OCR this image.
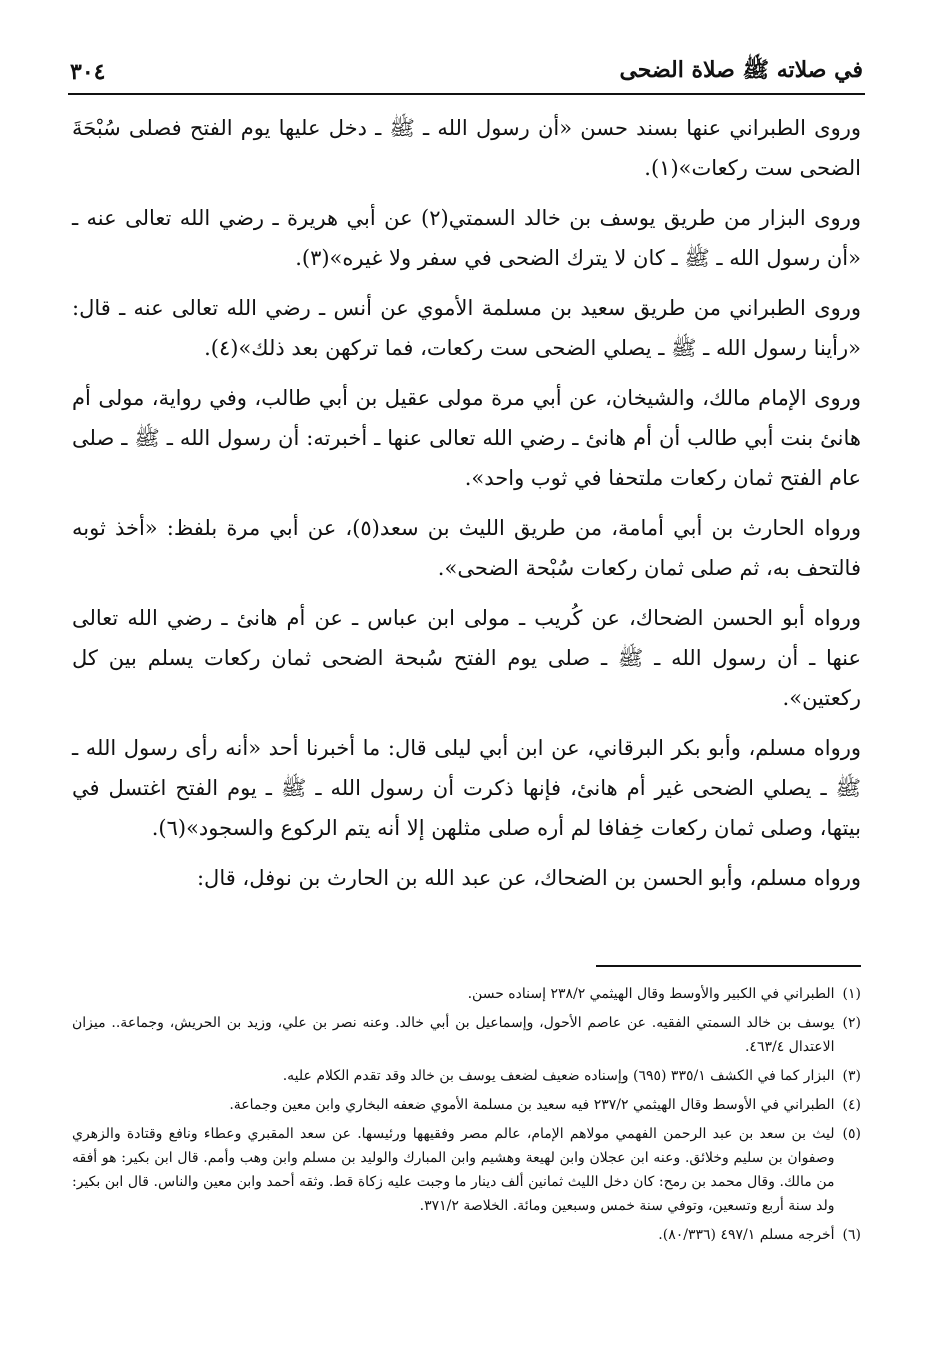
في صلاته ﷺ صلاة الضحى
٣٠٤

وروى الطبراني عنها بسند حسن «أن رسول الله ـ ﷺ ـ دخل عليها يوم الفتح فصلى سُبْحَةَ الضحى ست ركعات»(١).

وروى البزار من طريق يوسف بن خالد السمتي(٢) عن أبي هريرة ـ رضي الله تعالى عنه ـ «أن رسول الله ـ ﷺ ـ كان لا يترك الضحى في سفر ولا غيره»(٣).

وروى الطبراني من طريق سعيد بن مسلمة الأموي عن أنس ـ رضي الله تعالى عنه ـ قال: «رأينا رسول الله ـ ﷺ ـ يصلي الضحى ست ركعات، فما تركهن بعد ذلك»(٤).

وروى الإمام مالك، والشيخان، عن أبي مرة مولى عقيل بن أبي طالب، وفي رواية، مولى أم هانئ بنت أبي طالب أن أم هانئ ـ رضي الله تعالى عنها ـ أخبرته: أن رسول الله ـ ﷺ ـ صلى عام الفتح ثمان ركعات ملتحفا في ثوب واحد».

ورواه الحارث بن أبي أمامة، من طريق الليث بن سعد(٥)، عن أبي مرة بلفظ: «أخذ ثوبه فالتحف به، ثم صلى ثمان ركعات سُبْحة الضحى».

ورواه أبو الحسن الضحاك، عن كُريب ـ مولى ابن عباس ـ عن أم هانئ ـ رضي الله تعالى عنها ـ أن رسول الله ـ ﷺ ـ صلى يوم الفتح سُبحة الضحى ثمان ركعات يسلم بين كل ركعتين».

ورواه مسلم، وأبو بكر البرقاني، عن ابن أبي ليلى قال: ما أخبرنا أحد «أنه رأى رسول الله ـ ﷺ ـ يصلي الضحى غير أم هانئ، فإنها ذكرت أن رسول الله ـ ﷺ ـ يوم الفتح اغتسل في بيتها، وصلى ثمان ركعات خِفافا لم أره صلى مثلهن إلا أنه يتم الركوع والسجود»(٦).

ورواه مسلم، وأبو الحسن بن الضحاك، عن عبد الله بن الحارث بن نوفل، قال:

(١)
الطبراني في الكبير والأوسط وقال الهيثمي ٢٣٨/٢ إسناده حسن.
(٢)
يوسف بن خالد السمتي الفقيه. عن عاصم الأحول، وإسماعيل بن أبي خالد. وعنه نصر بن علي، وزيد بن الحريش، وجماعة.. ميزان الاعتدال ٤٦٣/٤.
(٣)
البزار كما في الكشف ٣٣٥/١ (٦٩٥) وإسناده ضعيف لضعف يوسف بن خالد وقد تقدم الكلام عليه.
(٤)
الطبراني في الأوسط وقال الهيثمي ٢٣٧/٢ فيه سعيد بن مسلمة الأموي ضعفه البخاري وابن معين وجماعة.
(٥)
ليث بن سعد بن عبد الرحمن الفهمي مولاهم الإمام، عالم مصر وفقيهها ورئيسها. عن سعد المقبري وعطاء ونافع وقتادة والزهري وصفوان بن سليم وخلائق. وعنه ابن عجلان وابن لهيعة وهشيم وابن المبارك والوليد بن مسلم وابن وهب وأمم. قال ابن بكير: هو أفقه من مالك. وقال محمد بن رمح: كان دخل الليث ثمانين ألف دينار ما وجبت عليه زكاة قط. وثقه أحمد وابن معين والناس. قال ابن بكير: ولد سنة أربع وتسعين، وتوفي سنة خمس وسبعين ومائة. الخلاصة ٣٧١/٢.
(٦)
أخرجه مسلم ٤٩٧/١ (٨٠/٣٣٦).
